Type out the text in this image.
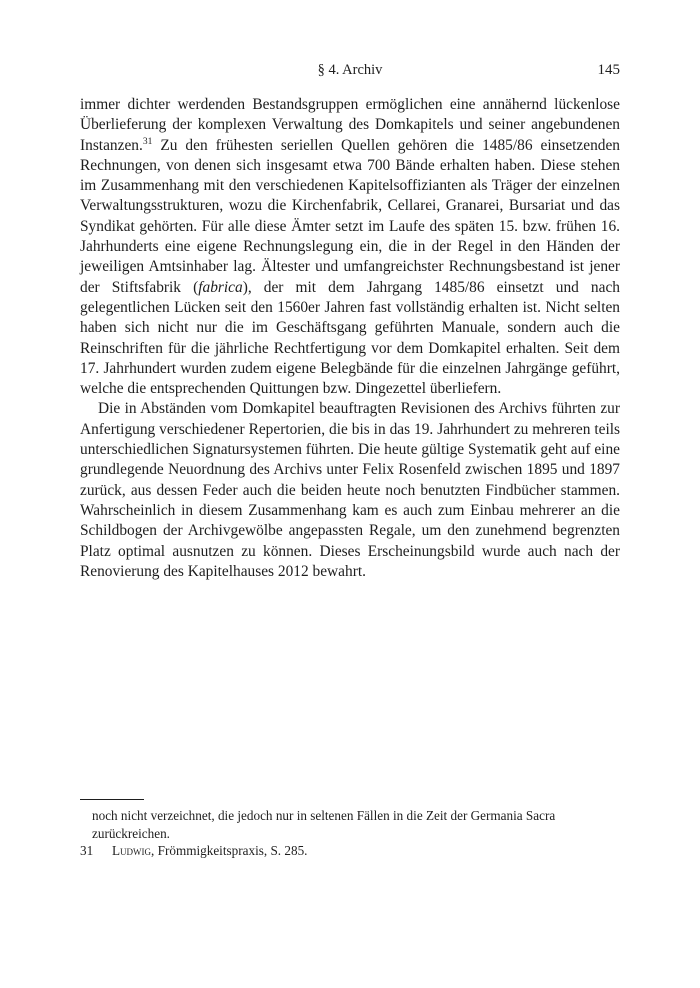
§ 4. Archiv	145

immer dichter werdenden Bestandsgruppen ermöglichen eine annähernd lückenlose Überlieferung der komplexen Verwaltung des Domkapitels und seiner angebundenen Instanzen.$^{31}$ Zu den frühesten seriellen Quellen gehören die 1485/86 einsetzenden Rechnungen, von denen sich insgesamt etwa 700 Bände erhalten haben. Diese stehen im Zusammenhang mit den verschiedenen Kapitelsoffizianten als Träger der einzelnen Verwaltungsstrukturen, wozu die Kirchenfabrik, Cellarei, Granarei, Bursariat und das Syndikat gehörten. Für alle diese Ämter setzt im Laufe des späten 15. bzw. frühen 16. Jahrhunderts eine eigene Rechnungslegung ein, die in der Regel in den Händen der jeweiligen Amtsinhaber lag. Ältester und umfangreichster Rechnungsbestand ist jener der Stiftsfabrik (fabrica), der mit dem Jahrgang 1485/86 einsetzt und nach gelegentlichen Lücken seit den 1560er Jahren fast vollständig erhalten ist. Nicht selten haben sich nicht nur die im Geschäftsgang geführten Manuale, sondern auch die Reinschriften für die jährliche Rechtfertigung vor dem Domkapitel erhalten. Seit dem 17. Jahrhundert wurden zudem eigene Belegbände für die einzelnen Jahrgänge geführt, welche die entsprechenden Quittungen bzw. Dingezettel überliefern.

Die in Abständen vom Domkapitel beauftragten Revisionen des Archivs führten zur Anfertigung verschiedener Repertorien, die bis in das 19. Jahrhundert zu mehreren teils unterschiedlichen Signatursystemen führten. Die heute gültige Systematik geht auf eine grundlegende Neuordnung des Archivs unter Felix Rosenfeld zwischen 1895 und 1897 zurück, aus dessen Feder auch die beiden heute noch benutzten Findbücher stammen. Wahrscheinlich in diesem Zusammenhang kam es auch zum Einbau mehrerer an die Schildbogen der Archivgewölbe angepassten Regale, um den zunehmend begrenzten Platz optimal ausnutzen zu können. Dieses Erscheinungsbild wurde auch nach der Renovierung des Kapitelhauses 2012 bewahrt.

noch nicht verzeichnet, die jedoch nur in seltenen Fällen in die Zeit der Germania Sacra zurückreichen.

31	Ludwig, Frömmigkeitspraxis, S. 285.
